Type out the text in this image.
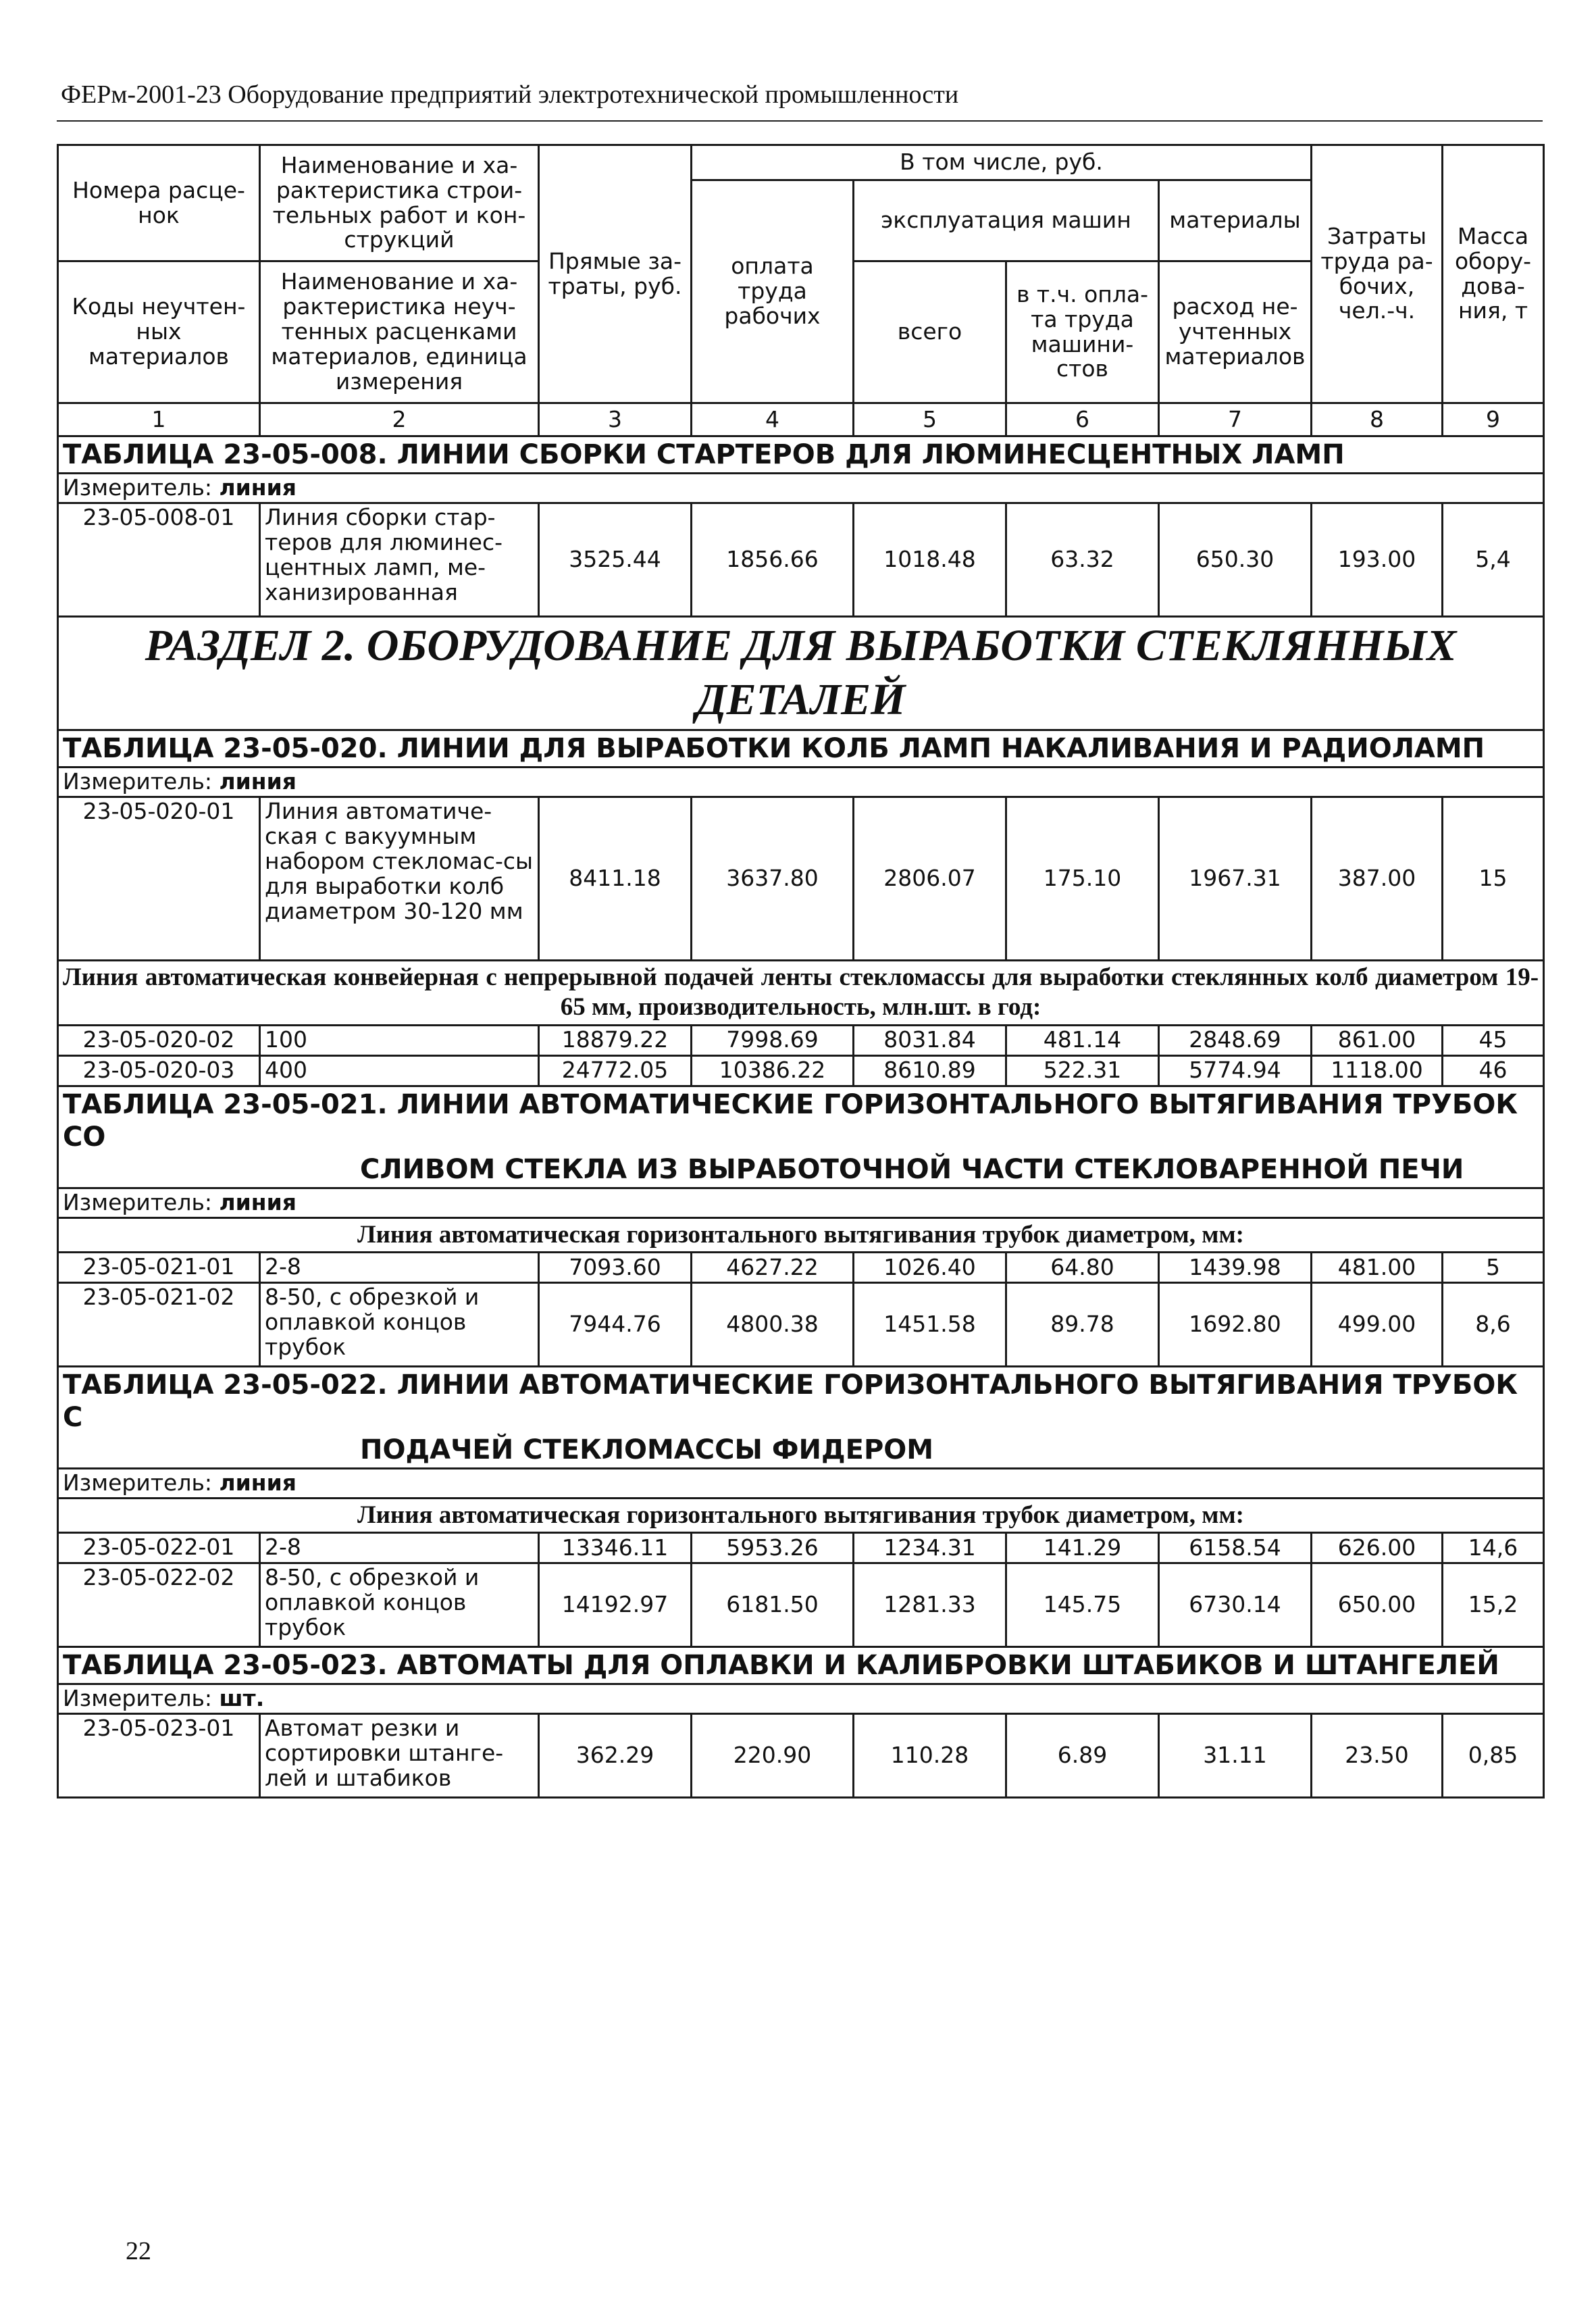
ФЕРм-2001-23 Оборудование предприятий электротехнической промышленности
Номера расце-нок	Наименование и ха-рактеристика строи-тельных работ и кон-струкций	Прямые за-траты, руб.	В том числе, руб.				Затраты труда ра-бочих, чел.-ч.	Масса обору-дова-ния, т
			оплата труда рабочих	эксплуатация машин		материалы		
Коды неучтен-ных материалов	Наименование и ха-рактеристика неуч-тенных расценками материалов, единица измерения			всего	в т.ч. опла-та труда машини-стов	расход не-учтенных материалов		

1	2	3	4	5	6	7	8	9
ТАБЛИЦА 23-05-008. ЛИНИИ СБОРКИ СТАРТЕРОВ ДЛЯ ЛЮМИНЕСЦЕНТНЫХ ЛАМП								
Измеритель: линия								
23-05-008-01	Линия сборки стар-теров для люминес-центных ламп, ме-ханизированная	3525.44	1856.66	1018.48	63.32	650.30	193.00	5,4
РАЗДЕЛ 2. ОБОРУДОВАНИЕ ДЛЯ ВЫРАБОТКИ СТЕКЛЯННЫХ ДЕТАЛЕЙ								
ТАБЛИЦА 23-05-020. ЛИНИИ ДЛЯ ВЫРАБОТКИ КОЛБ ЛАМП НАКАЛИВАНИЯ И РАДИОЛАМП								
Измеритель: линия								
23-05-020-01	Линия автоматиче-ская с вакуумным набором стекломас-сы для выработки колб диаметром 30-120 мм	8411.18	3637.80	2806.07	175.10	1967.31	387.00	15
Линия автоматическая конвейерная с непрерывной подачей ленты стекломассы для выработки стеклянных колб диаметром 19-65 мм, производительность, млн.шт. в год:								
23-05-020-02	100	18879.22	7998.69	8031.84	481.14	2848.69	861.00	45
23-05-020-03	400	24772.05	10386.22	8610.89	522.31	5774.94	1118.00	46

ТАБЛИЦА 23-05-021. ЛИНИИ АВТОМАТИЧЕСКИЕ ГОРИЗОНТАЛЬНОГО ВЫТЯГИВАНИЯ ТРУБОК СО
СЛИВОМ СТЕКЛА ИЗ ВЫРАБОТОЧНОЙ ЧАСТИ СТЕКЛОВАРЕННОЙ ПЕЧИ								

Измеритель: линия								
Линия автоматическая горизонтального вытягивания трубок диаметром, мм:								
23-05-021-01	2-8	7093.60	4627.22	1026.40	64.80	1439.98	481.00	5
23-05-021-02	8-50, с обрезкой и оплавкой концов трубок	7944.76	4800.38	1451.58	89.78	1692.80	499.00	8,6

ТАБЛИЦА 23-05-022. ЛИНИИ АВТОМАТИЧЕСКИЕ ГОРИЗОНТАЛЬНОГО ВЫТЯГИВАНИЯ ТРУБОК С
ПОДАЧЕЙ СТЕКЛОМАССЫ ФИДЕРОМ								

Измеритель: линия								
Линия автоматическая горизонтального вытягивания трубок диаметром, мм:								
23-05-022-01	2-8	13346.11	5953.26	1234.31	141.29	6158.54	626.00	14,6
23-05-022-02	8-50, с обрезкой и оплавкой концов трубок	14192.97	6181.50	1281.33	145.75	6730.14	650.00	15,2
ТАБЛИЦА 23-05-023. АВТОМАТЫ ДЛЯ ОПЛАВКИ И КАЛИБРОВКИ ШТАБИКОВ И ШТАНГЕЛЕЙ								
Измеритель: шт.								
23-05-023-01	Автомат резки и сортировки штанге-лей и штабиков	362.29	220.90	110.28	6.89	31.11	23.50	0,85
22
